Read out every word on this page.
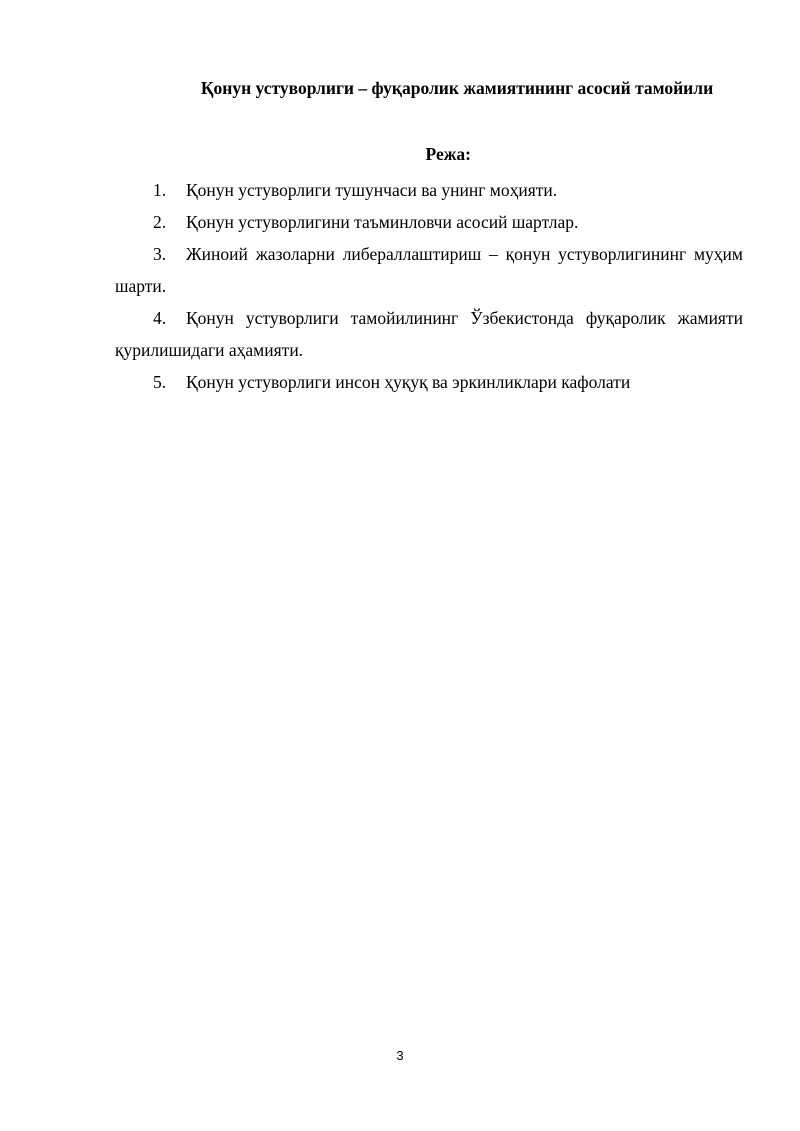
Қонун устуворлиги – фуқаролик жамиятининг асосий тамойили
Режа:
1. Қонун устуворлиги тушунчаси ва унинг моҳияти.
2. Қонун устуворлигини таъминловчи асосий шартлар.
3. Жиноий жазоларни либераллаштириш – қонун устуворлигининг муҳим шарти.
4. Қонун устуворлиги тамойилининг Ўзбекистонда фуқаролик жамияти қурилишидаги аҳамияти.
5. Қонун устуворлиги инсон ҳуқуқ ва эркинликлари кафолати
3
